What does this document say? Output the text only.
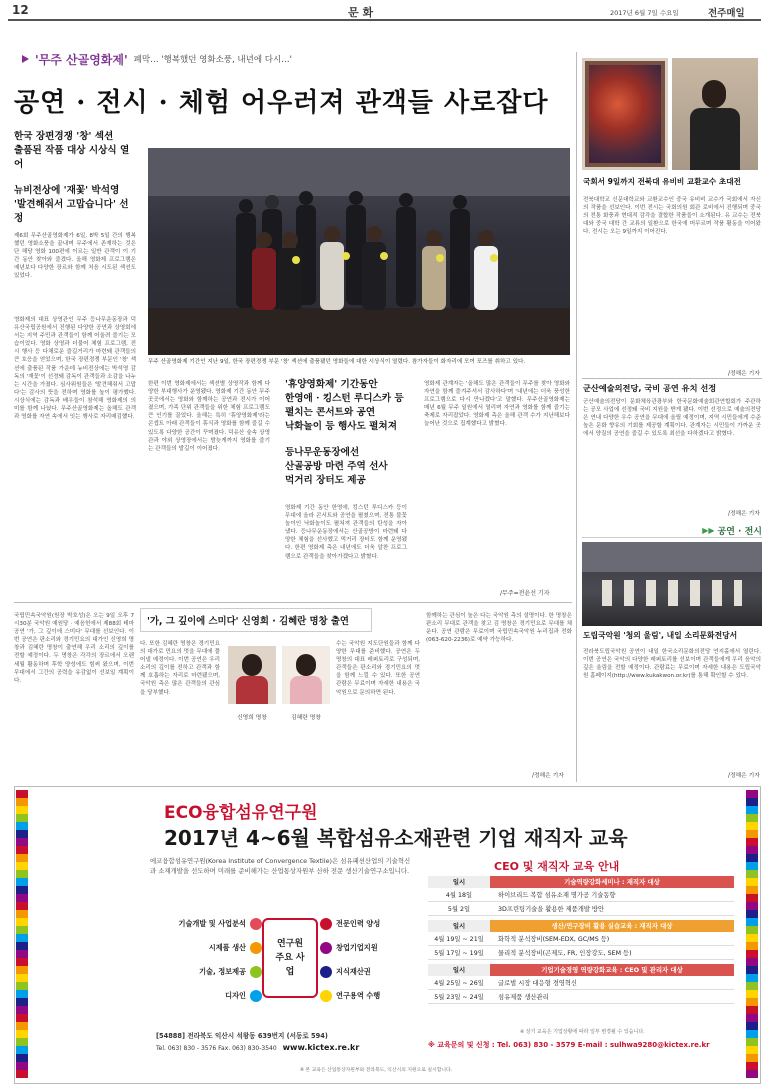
12	문 화	2017년 6월 7일 수요일	전주매일
'무주 산골영화제' 폐막… '행복했던 영화소풍, 내년에 다시…'
공연 · 전시 · 체험 어우러져 관객들 사로잡다
한국 장편경쟁 '창' 섹션
출품된 작품 대상 시상식 열어
뉴비전상에 '재꽃' 박석영
'발견해줘서 고맙습니다' 선정
제6회 무주산골영화제가 6일, 8박 5일 간의 행복했던 영화소풍을 끝내며 무주에서 존재하는 것은 단 해당 영화 100편에 이르는 일반 관객이 이 기간 동안 찾아와 즐겼다. 올해 영화제 프로그램은 예년보다 다양한 장르와 함께 처음 시도된 섹션도 있었다.
영화제의 대표 상영관인 무주 등나무운동장과 덕유산국립공원에서 진행된 다양한 공연과 상영회에서는 지역 주민과 관객들이 함께 어울려 즐기는 모습이었다. 영화 상영과 더불어 체험 프로그램, 전시 행사 등 다채로운 즐길거리가 마련돼 관객들의 큰 호응을 얻었으며, 한국 장편경쟁 부문인 '창' 섹션에 출품된 작품 가운데 뉴비전상에는 박석영 감독의 '재꽃'이 선정돼 감독이 관객들과 소감을 나누는 시간을 가졌다. 심사위원들은 '발견해줘서 고맙다'는 감사의 뜻을 전하며 영화를 높이 평가했다. 시상식에는 감독과 배우들이 참석해 영화제의 의미를 함께 나눴다. 무주산골영화제는 올해도 관객과 영화를 자연 속에서 잇는 행사로 자리매김했다.
무주 산골영화제 기간인 지난 9일, 한국 장편경쟁 부문 '창' 섹션에 출품됐던 영화들에 대한 시상식이 열렸다. 참가자들이 화자리에 모여 포즈를 취하고 있다.
한편 이번 영화제에서는 섹션별 상영작과 함께 다양한 부대행사가 운영됐다. 영화제 기간 동안 무주 곳곳에서는 영화와 함께하는 공연과 전시가 이어졌으며, 가족 단위 관객들을 위한 체험 프로그램도 큰 인기를 끌었다. 올해는 특히 '휴양영화제'라는 콘셉트 아래 관객들이 휴식과 영화를 함께 즐길 수 있도록 다양한 공간이 꾸며졌다. 덕유산 숲속 상영관과 야외 상영장에서는 밤늦게까지 영화를 즐기는 관객들의 발길이 이어졌다.
'휴양영화제' 기간동안
한영애 · 킹스턴 루디스카 등
펼치는 콘서트와 공연
낙화놀이 등 행사도 펼쳐져
등나무운동장에선
산골공방 마련 주역 선사
먹거리 장터도 제공
영화제 기간 동안 한영애, 킹스턴 루디스카 등이 무대에 올라 콘서트와 공연을 펼쳤으며, 전통 불꽃놀이인 낙화놀이도 펼쳐져 관객들의 탄성을 자아냈다. 등나무운동장에서는 산골공방이 마련돼 다양한 체험을 선사했고 먹거리 장터도 함께 운영됐다. 한편 영화제 측은 내년에도 더욱 알찬 프로그램으로 관객들을 찾아가겠다고 밝혔다.
영화제 관계자는 '올해도 많은 관객들이 무주를 찾아 영화와 자연을 함께 즐겨주셔서 감사하다'며 '내년에는 더욱 풍성한 프로그램으로 다시 만나겠다'고 말했다. 무주산골영화제는 매년 6월 무주 일원에서 열리며 자연과 영화를 함께 즐기는 축제로 자리잡았다. 영화제 측은 올해 관객 수가 지난해보다 늘어난 것으로 집계했다고 밝혔다.
/무주=전윤선 기자
국회서 9일까지 전북대 유비비 교환교수 초대전
전북대학교 신문대학교와 교환교수인 중국 유비비 교수가 국회에서 자신의 작품을 선보인다. 이번 전시는 국회의원 회관 로비에서 진행되며 중국의 전통 화풍과 현대적 감각을 결합한 작품들이 소개된다. 유 교수는 전북대와 중국 대학 간 교류의 일환으로 한국에 머무르며 작품 활동을 이어왔다. 전시는 오는 9일까지 이어진다.
/정해은 기자
군산예술의전당, 국비 공연 유치 선정
군산예술의전당이 문화체육관광부와 한국문화예술회관연합회가 주관하는 공모 사업에 선정돼 국비 지원을 받게 됐다. 이번 선정으로 예술의전당은 연내 다양한 우수 공연을 무대에 올릴 예정이며, 지역 시민들에게 수준 높은 문화 향유의 기회를 제공할 계획이다. 관계자는 시민들이 가까운 곳에서 양질의 공연을 즐길 수 있도록 최선을 다하겠다고 밝혔다.
/정해은 기자
▶▶ 공연 · 전시
도립국악원 '청의 울림', 내일 소리문화전당서
전라북도립국악원 공연이 내일 한국소리문화의전당 연지홀에서 열린다. 이번 공연은 국악의 다양한 레퍼토리를 선보이며 관객들에게 우리 음악의 깊은 울림을 전할 예정이다. 관람료는 무료이며 자세한 내용은 도립국악원 홈페이지(http://www.kukakwon.or.kr)를 통해 확인할 수 있다.
/정해은 기자
국립민속국악원(원장 박호성)은 오는 9일 오후 7시30분 국악원 예원당 · 예음헌에서 제88회 테마공연 '가, 그 깊이에 스미다' 무대를 선보인다. 이번 공연은 판소리와 경기민요의 대가인 신영희 명창과 김혜란 명창이 출연해 우리 소리의 깊이를 전할 예정이다. 두 명창은 각각의 장르에서 오랜 세월 활동하며 후학 양성에도 힘써 왔으며, 이번 무대에서 그간의 공력을 유감없이 선보일 계획이다.
'가, 그 깊이에 스미다' 신영희 · 김혜란 명창 출연
다. 또한 김혜란 명창은 경기민요의 대가로 민요의 멋을 무대에 풀어낼 예정이다. 이번 공연은 우리 소리의 깊이를 전하고 관객과 함께 호흡하는 자리로 마련됐으며, 국악원 측은 많은 관객들의 관심을 당부했다.
신영희 명창	김혜란 명창
수는 국악원 지도단원들과 함께 다양한 무대를 준비했다. 공연은 두 명창의 대표 레퍼토리로 구성되며, 관객들은 판소리와 경기민요의 멋을 함께 느낄 수 있다. 또한 공연 관람은 무료이며 자세한 내용은 국악원으로 문의하면 된다.
함께하는 관심이 높은 다는 국악원 측의 설명이다. 한 명창은 판소리 무대로 관객을 찾고 김 명창은 경기민요로 무대를 채운다. 공연 관람은 무료이며 국립민속국악원 누리집과 전화(063-620-2236)로 예약 가능하다.
/정해은 기자
ECO융합섬유연구원
2017년 4~6월 복합섬유소재관련 기업 재직자 교육
에코융합섬유연구원(Korea Institute of Convergence Textile)은 섬유패션산업의 기술혁신과 소재개발을 선도하며 미래를 준비해가는 산업통상자원부 산하 전문 생산기술연구소입니다.
연구원 주요 사업
기술개발 및 사업분석
시제품 생산
기술, 정보제공
디자인
전문인력 양성
창업기업지원
지식재산권
연구용역 수행
[54888] 전라북도 익산시 석왕동 639번지 (서동로 594)
Tel. 063) 830 - 3576 Fax. 063) 830-3540 www.kictex.re.kr
CEO 및 재직자 교육 안내
일시	기술역량강화세미나 : 재직자 대상
4월 18일	하이브리드 복합 섬유소재 명가공 기술동향
5월 2일	3D프린팅기술을 활용한 제품개발 방안
일시	생산/연구장비 활용 실습교육 : 재직자 대상
4월 19일 ~ 21일	화학적 분석장비(SEM-EDX, GC/MS 등)
5월 17일 ~ 19일	물리적 분석장비(곤제도, FR, 인장강도, SEM 등)
일시	기업기술경영 역량강화교육 : CEO 및 관리자 대상
4월 25일 ~ 26일	글로벌 시장 대응형 경영혁신
5월 23일 ~ 24일	섬유제품 생산관리
※ 상기 교육은 기업상황에 따라 일부 변경될 수 있습니다.
※ 교육문의 및 신청 : Tel. 063) 830 - 3579 E-mail : sulhwa9280@kictex.re.kr
※ 본 교육은 산업통상자원부와 전라북도, 익산시의 지원으로 실시합니다.
